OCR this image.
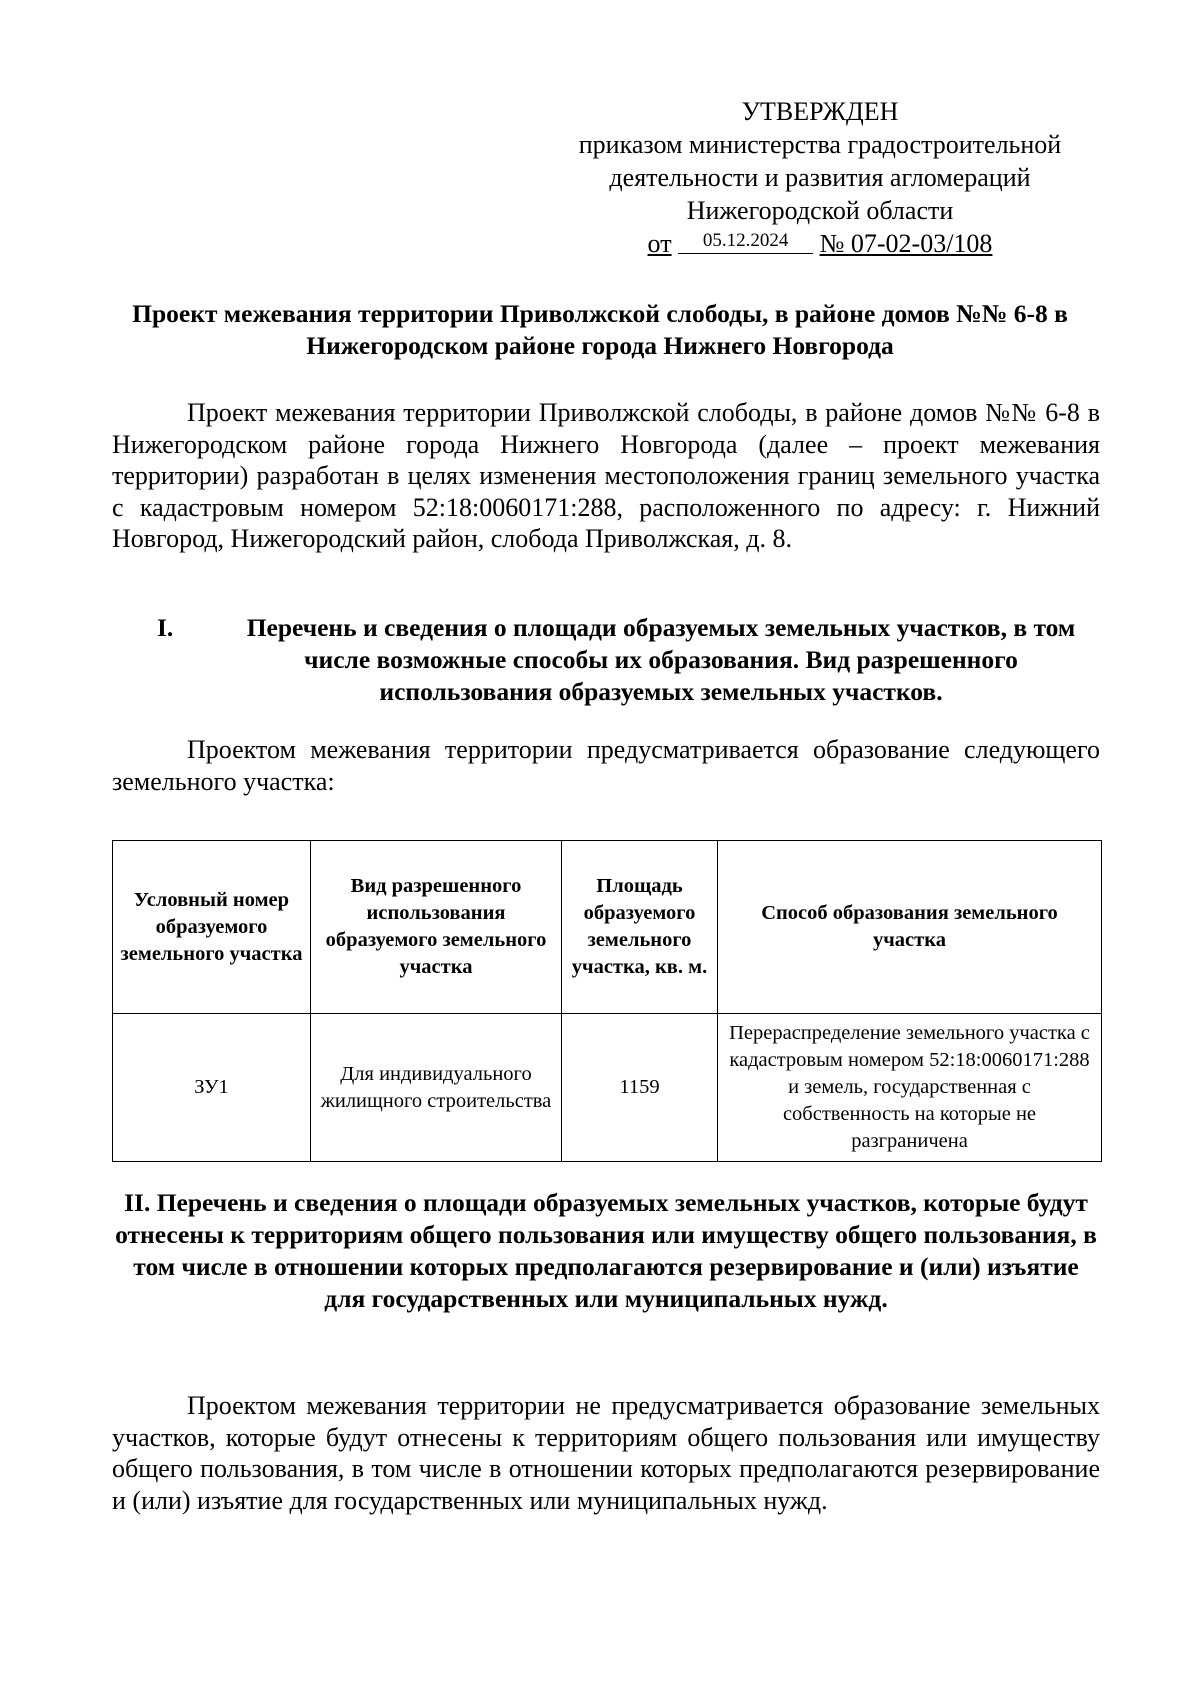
УТВЕРЖДЕН
приказом министерства градостроительной
деятельности и развития агломераций
Нижегородской области
от 05.12.2024 № 07-02-03/108
Проект межевания территории Приволжской слободы, в районе домов №№ 6-8 в Нижегородском районе города Нижнего Новгорода

Проект межевания территории Приволжской слободы, в районе домов №№ 6-8 в Нижегородском районе города Нижнего Новгорода (далее – проект межевания территории) разработан в целях изменения местоположения границ земельного участка с кадастровым номером 52:18:0060171:288, расположенного по адресу: г. Нижний Новгород, Нижегородский район, слобода Приволжская, д. 8.

I.	Перечень и сведения о площади образуемых земельных участков, в том числе возможные способы их образования. Вид разрешенного использования образуемых земельных участков.

Проектом межевания территории предусматривается образование следующего земельного участка:

Условный номер образуемого земельного участка	Вид разрешенного использования образуемого земельного участка	Площадь образуемого земельного участка, кв. м.	Способ образования земельного участка
ЗУ1	Для индивидуального жилищного строительства	1159	Перераспределение земельного участка с кадастровым номером 52:18:0060171:288 и земель, государственная с собственность на которые не разграничена
II. Перечень и сведения о площади образуемых земельных участков, которые будут отнесены к территориям общего пользования или имуществу общего пользования, в том числе в отношении которых предполагаются резервирование и (или) изъятие для государственных или муниципальных нужд.

Проектом межевания территории не предусматривается образование земельных участков, которые будут отнесены к территориям общего пользования или имуществу общего пользования, в том числе в отношении которых предполагаются резервирование и (или) изъятие для государственных или муниципальных нужд.
